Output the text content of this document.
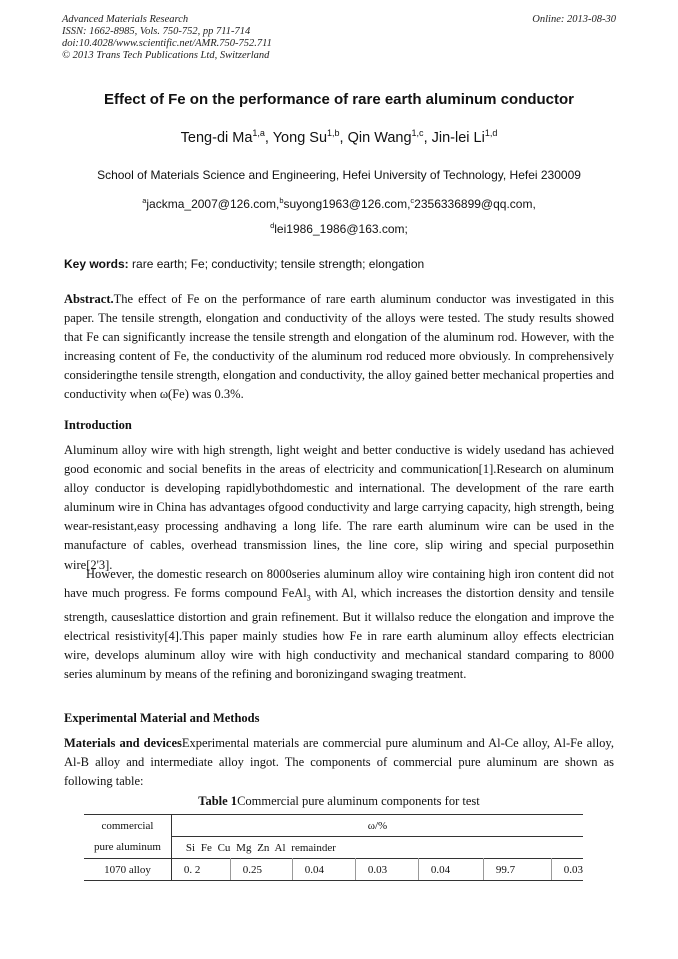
Advanced Materials Research
ISSN: 1662-8985, Vols. 750-752, pp 711-714
doi:10.4028/www.scientific.net/AMR.750-752.711
© 2013 Trans Tech Publications Ltd, Switzerland
Online: 2013-08-30
Effect of Fe on the performance of rare earth aluminum conductor
Teng-di Ma$^{1,a}$, Yong Su$^{1,b}$, Qin Wang$^{1,c}$, Jin-lei Li$^{1,d}$
School of Materials Science and Engineering, Hefei University of Technology, Hefei 230009
$^a$jackma_2007@126.com,$^b$suyong1963@126.com,$^c$2356336899@qq.com,
$^d$lei1986_1986@163.com;
Key words: rare earth; Fe; conductivity; tensile strength; elongation
Abstract.The effect of Fe on the performance of rare earth aluminum conductor was investigated in this paper. The tensile strength, elongation and conductivity of the alloys were tested. The study results showed that Fe can significantly increase the tensile strength and elongation of the aluminum rod. However, with the increasing content of Fe, the conductivity of the aluminum rod reduced more obviously. In comprehensively consideringthe tensile strength, elongation and conductivity, the alloy gained better mechanical properties and conductivity when ω(Fe) was 0.3%.
Introduction
Aluminum alloy wire with high strength, light weight and better conductive is widely usedand has achieved good economic and social benefits in the areas of electricity and communication[1].Research on aluminum alloy conductor is developing rapidlybothdomestic and international. The development of the rare earth aluminum wire in China has advantages ofgood conductivity and large carrying capacity, high strength, being wear-resistant,easy processing andhaving a long life. The rare earth aluminum wire can be used in the manufacture of cables, overhead transmission lines, the line core, slip wiring and special purposethin wire[2'3].
However, the domestic research on 8000series aluminum alloy wire containing high iron content did not have much progress. Fe forms compound FeAl$_3$ with Al, which increases the distortion density and tensile strength, causeslattice distortion and grain refinement. But it willalso reduce the elongation and improve the electrical resistivity[4].This paper mainly studies how Fe in rare earth aluminum alloy effects electrician wire, develops aluminum alloy wire with high conductivity and mechanical standard comparing to 8000 series aluminum by means of the refining and boronizingand swaging treatment.
Experimental Material and Methods
Materials and devicesExperimental materials are commercial pure aluminum and Al-Ce alloy, Al-Fe alloy, Al-B alloy and intermediate alloy ingot. The components of commercial pure aluminum are shown as following table:
Table 1Commercial pure aluminum components for test
commercial	ω/%						
pure aluminum	Si Fe Cu Mg Zn Al remainder						
1070 alloy	0. 2	0.25	0.04	0.03	0.04	99.7	0.03
